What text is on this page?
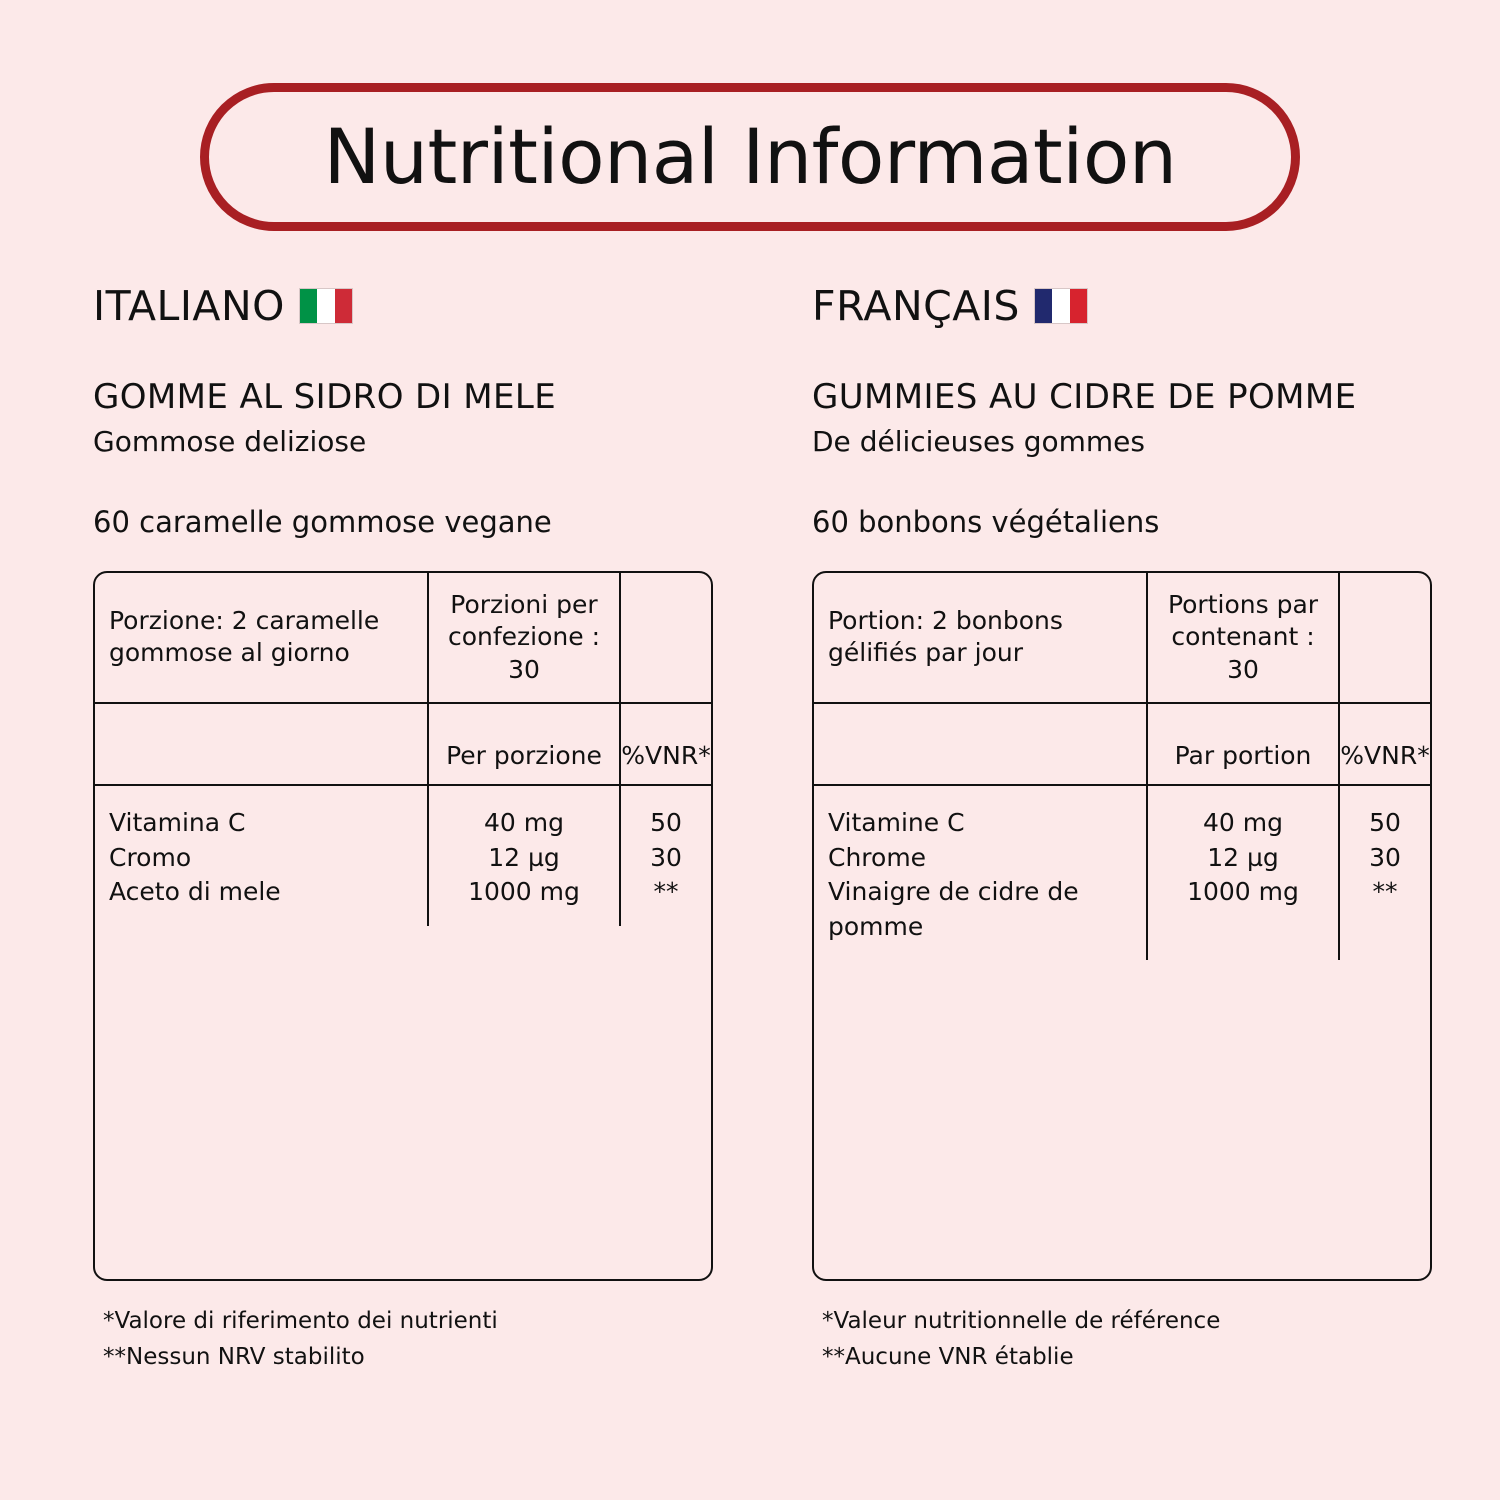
Nutritional Information
ITALIANO
GOMME AL SIDRO DI MELE
Gommose deliziose
60 caramelle gommose vegane
Porzione: 2 caramelle gommose al giorno
Porzioni per confezione : 30
Per porzione %VNR*
Vitamina C
Cromo
Aceto di mele
40 mg
12 µg
1000 mg
50
30
**
*Valore di riferimento dei nutrienti
**Nessun NRV stabilito
FRANÇAIS
GUMMIES AU CIDRE DE POMME
De délicieuses gommes
60 bonbons végétaliens
Portion: 2 bonbons gélifiés par jour
Portions par contenant : 30
Par portion	%VNR*
Vitamine C
Chrome
Vinaigre de cidre de pomme
40 mg
12 µg
1000 mg
50
30
**
*Valeur nutritionnelle de référence
**Aucune VNR établie
